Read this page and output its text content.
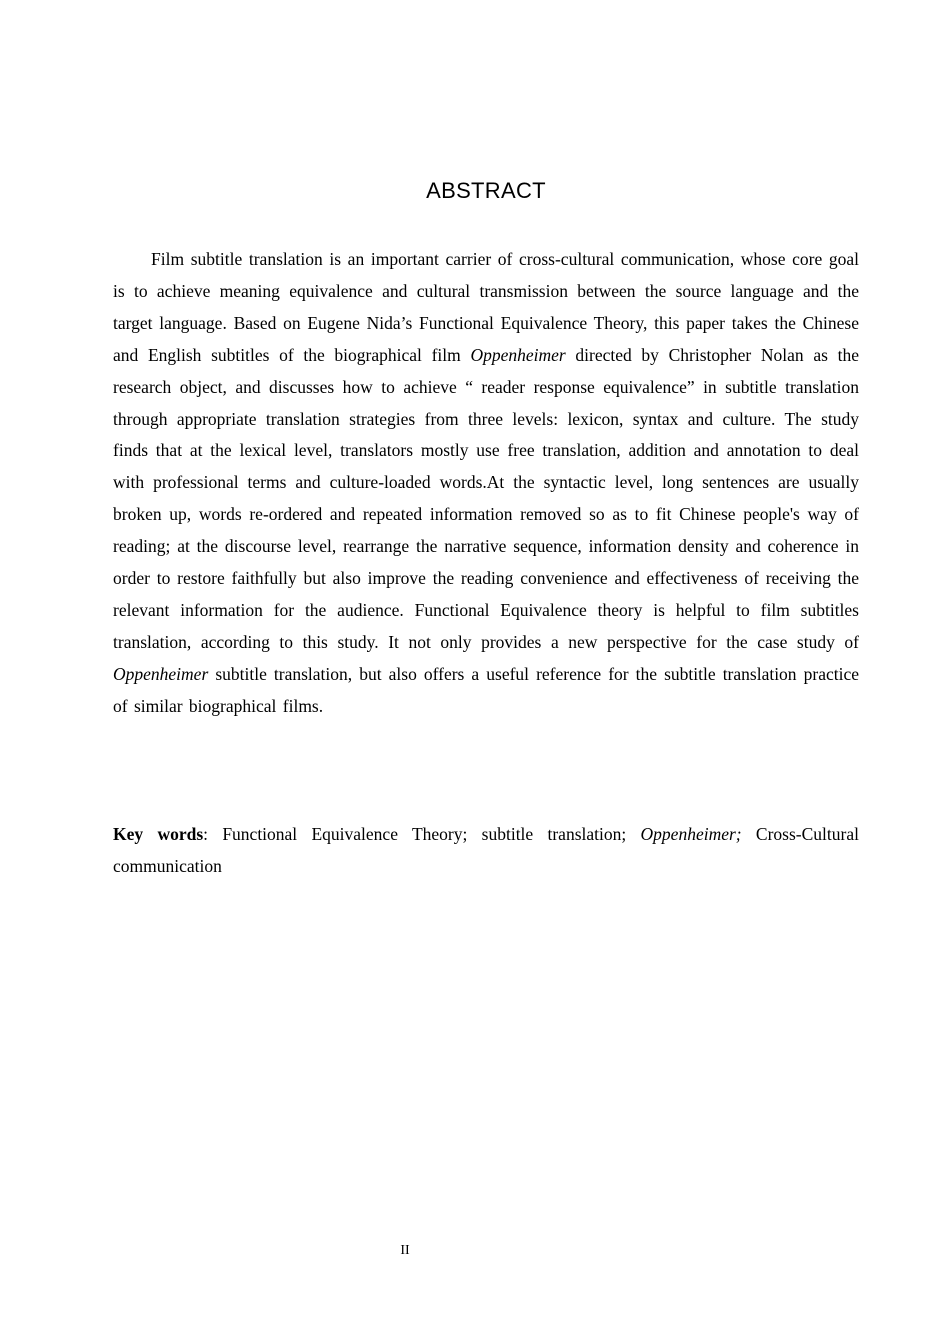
ABSTRACT

Film subtitle translation is an important carrier of cross-cultural communication, whose core goal is to achieve meaning equivalence and cultural transmission between the source language and the target language. Based on Eugene Nida’s Functional Equivalence Theory, this paper takes the Chinese and English subtitles of the biographical film Oppenheimer directed by Christopher Nolan as the research object, and discusses how to achieve “ reader response equivalence” in subtitle translation through appropriate translation strategies from three levels: lexicon, syntax and culture. The study finds that at the lexical level, translators mostly use free translation, addition and annotation to deal with professional terms and culture-loaded words.At the syntactic level, long sentences are usually broken up, words re-ordered and repeated information removed so as to fit Chinese people's way of reading; at the discourse level, rearrange the narrative sequence, information density and coherence in order to restore faithfully but also improve the reading convenience and effectiveness of receiving the relevant information for the audience. Functional Equivalence theory is helpful to film subtitles translation, according to this study. It not only provides a new perspective for the case study of Oppenheimer subtitle translation, but also offers a useful reference for the subtitle translation practice of similar biographical films.

Key words: Functional Equivalence Theory; subtitle translation; Oppenheimer; Cross-Cultural communication

II
